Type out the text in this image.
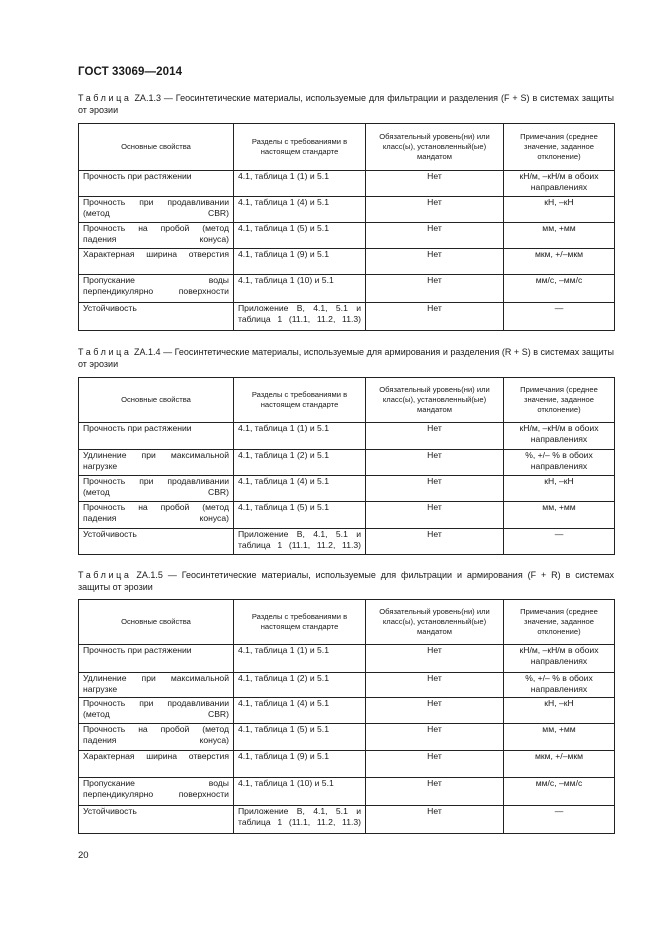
ГОСТ 33069—2014
Таблица ZA.1.3 — Геосинтетические материалы, используемые для фильтрации и разделения (F + S) в системах защиты от эрозии
Основные свойства	Разделы с требованиями в настоящем стандарте	Обязательный уровень(ни) или класс(ы), установленный(ые) мандатом	Примечания (среднее значение, заданное отклонение)
Прочность при растяжении	4.1, таблица 1 (1) и 5.1	Нет	кН/м, –кН/м в обоих направлениях
Прочность при продавливании (метод CBR)	4.1, таблица 1 (4) и 5.1	Нет	кН, –кН
Прочность на пробой (метод падения конуса)	4.1, таблица 1 (5) и 5.1	Нет	мм, +мм
Характерная ширина отверстия	4.1, таблица 1 (9) и 5.1	Нет	мкм, +/–мкм
Пропускание воды перпендикулярно поверхности	4.1, таблица 1 (10) и 5.1	Нет	мм/с, –мм/с
Устойчивость	Приложение В, 4.1, 5.1 и таблица 1 (11.1, 11.2, 11.3)	Нет	—
Таблица ZA.1.4 — Геосинтетические материалы, используемые для армирования и разделения (R + S) в системах защиты от эрозии
Основные свойства	Разделы с требованиями в настоящем стандарте	Обязательный уровень(ни) или класс(ы), установленный(ые) мандатом	Примечания (среднее значение, заданное отклонение)
Прочность при растяжении	4.1, таблица 1 (1) и 5.1	Нет	кН/м, –кН/м в обоих направлениях
Удлинение при максимальной нагрузке	4.1, таблица 1 (2) и 5.1	Нет	%, +/– % в обоих направлениях
Прочность при продавливании (метод CBR)	4.1, таблица 1 (4) и 5.1	Нет	кН, –кН
Прочность на пробой (метод падения конуса)	4.1, таблица 1 (5) и 5.1	Нет	мм, +мм
Устойчивость	Приложение В, 4.1, 5.1 и таблица 1 (11.1, 11.2, 11.3)	Нет	—
Таблица ZA.1.5 — Геосинтетические материалы, используемые для фильтрации и армирования (F + R) в системах защиты от эрозии
Основные свойства	Разделы с требованиями в настоящем стандарте	Обязательный уровень(ни) или класс(ы), установленный(ые) мандатом	Примечания (среднее значение, заданное отклонение)
Прочность при растяжении	4.1, таблица 1 (1) и 5.1	Нет	кН/м, –кН/м в обоих направлениях
Удлинение при максимальной нагрузке	4.1, таблица 1 (2) и 5.1	Нет	%, +/– % в обоих направлениях
Прочность при продавливании (метод CBR)	4.1, таблица 1 (4) и 5.1	Нет	кН, –кН
Прочность на пробой (метод падения конуса)	4.1, таблица 1 (5) и 5.1	Нет	мм, +мм
Характерная ширина отверстия	4.1, таблица 1 (9) и 5.1	Нет	мкм, +/–мкм
Пропускание воды перпендикулярно поверхности	4.1, таблица 1 (10) и 5.1	Нет	мм/с, –мм/с
Устойчивость	Приложение В, 4.1, 5.1 и таблица 1 (11.1, 11.2, 11.3)	Нет	—
20
